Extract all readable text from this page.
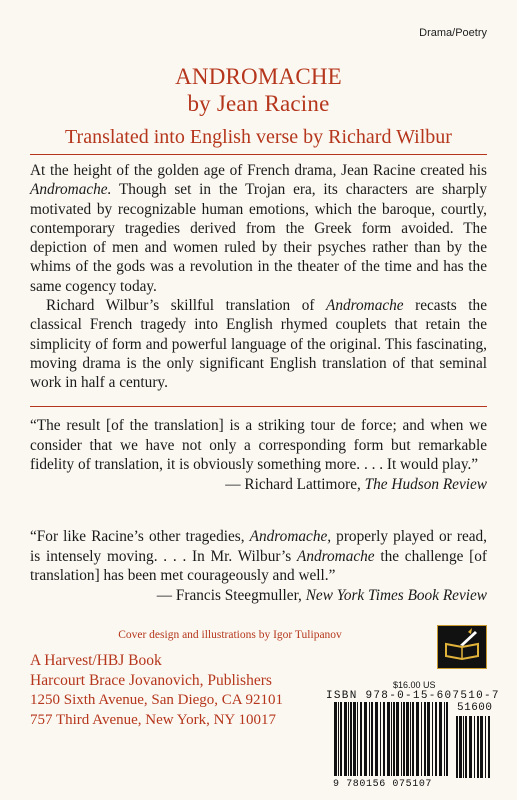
Drama/Poetry
ANDROMACHE
by Jean Racine
Translated into English verse by Richard Wilbur

At the height of the golden age of French drama, Jean Racine created his Andromache. Though set in the Trojan era, its characters are sharply motivated by recognizable human emotions, which the baroque, courtly, contemporary tragedies derived from the Greek form avoided. The depiction of men and women ruled by their psyches rather than by the whims of the gods was a revolution in the theater of the time and has the same cogency today.

Richard Wilbur’s skillful translation of Andromache recasts the classical French tragedy into English rhymed couplets that retain the simplicity of form and powerful language of the original. This fascinating, moving drama is the only significant English translation of that seminal work in half a century.

“The result [of the translation] is a striking tour de force; and when we consider that we have not only a corresponding form but remarkable fidelity of translation, it is obviously something more. . . . It would play.”
— Richard Lattimore, The Hudson Review
“For like Racine’s other tragedies, Andromache, properly played or read, is intensely moving. . . . In Mr. Wilbur’s Andromache the challenge [of translation] has been met courageously and well.”
— Francis Steegmuller, New York Times Book Review
Cover design and illustrations by Igor Tulipanov
A Harvest/HBJ Book
Harcourt Brace Jovanovich, Publishers
1250 Sixth Avenue, San Diego, CA 92101
757 Third Avenue, New York, NY 10017
$16.00 US
ISBN 978-0-15-607510-7
51600
9 780156 075107
